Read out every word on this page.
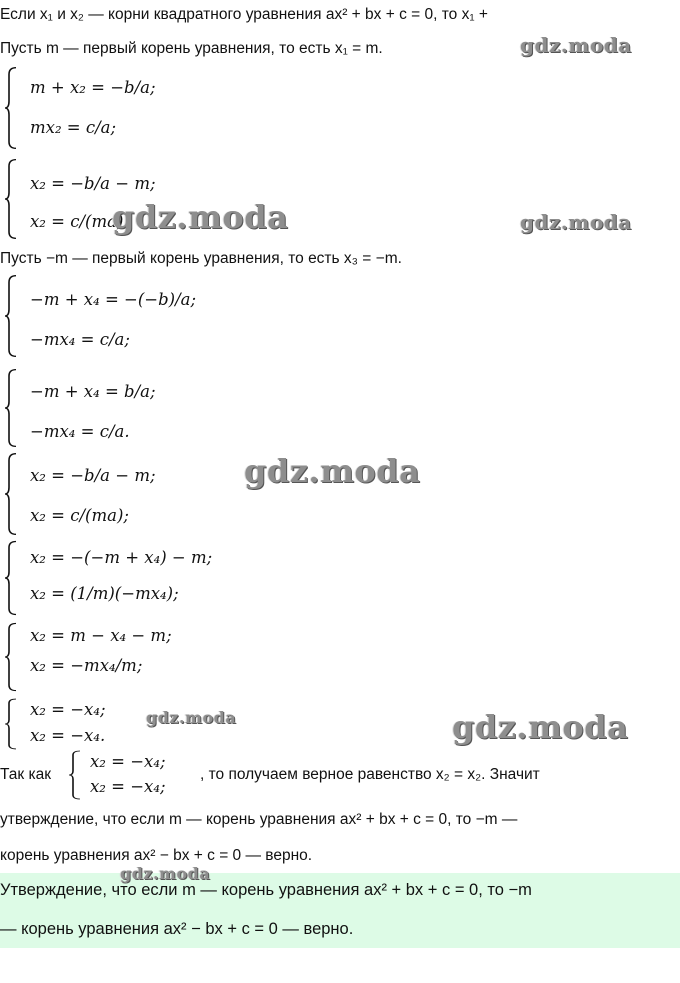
Если x₁ и x₂ — корни квадратного уравнения ax² + bx + c = 0, то x₁ +
Пусть m — первый корень уравнения, то есть x₁ = m.
m + x₂ = −b/a;
mx₂ = c/a;
x₂ = −b/a − m;
x₂ = c/(ma)
Пусть −m — первый корень уравнения, то есть x₃ = −m.
−m + x₄ = −(−b)/a;
−mx₄ = c/a;
−m + x₄ = b/a;
−mx₄ = c/a.
x₂ = −b/a − m;
x₂ = c/(ma);
x₂ = −(−m + x₄) − m;
x₂ = (1/m)(−mx₄);
x₂ = m − x₄ − m;
x₂ = −mx₄/m;
x₂ = −x₄;
x₂ = −x₄.
Так как
x₂ = −x₄;
x₂ = −x₄;
, то получаем верное равенство x₂ = x₂. Значит
утверждение, что если m — корень уравнения ax² + bx + c = 0, то −m —
корень уравнения ax² − bx + c = 0 — верно.
Утверждение, что если m — корень уравнения ax² + bx + c = 0, то −m
— корень уравнения ax² − bx + c = 0 — верно.
gdz.moda
gdz.moda	gdz.moda
gdz.moda
gdz.moda	gdz.moda
gdz.moda
